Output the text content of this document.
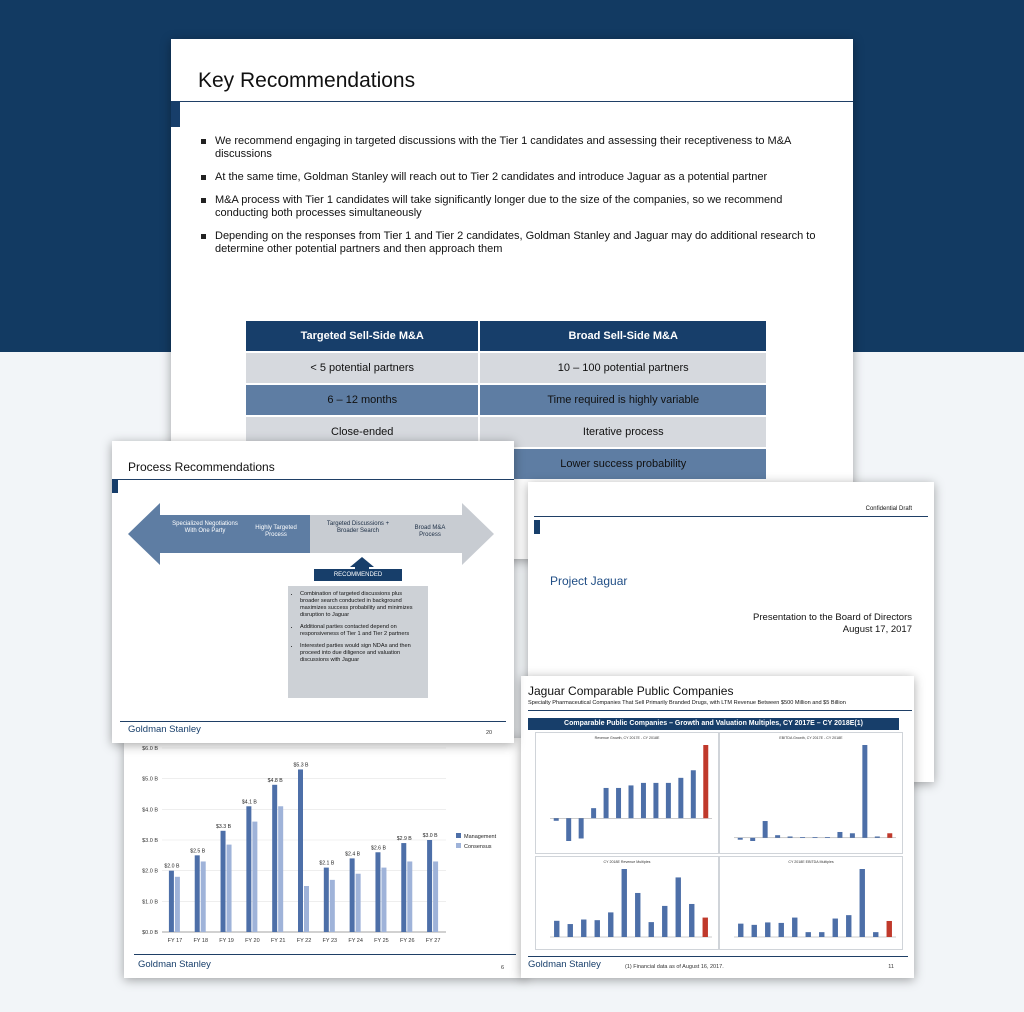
Key Recommendations
We recommend engaging in targeted discussions with the Tier 1 candidates and assessing their receptiveness to M&A discussions
At the same time, Goldman Stanley will reach out to Tier 2 candidates and introduce Jaguar as a potential partner
M&A process with Tier 1 candidates will take significantly longer due to the size of the companies, so we recommend conducting both processes simultaneously
Depending on the responses from Tier 1 and Tier 2 candidates, Goldman Stanley and Jaguar may do additional research to determine other potential partners and then approach them
Targeted Sell-Side M&A	Broad Sell-Side M&A
< 5 potential partners	10 – 100 potential partners
6 – 12 months	Time required is highly variable
Close-ended	Iterative process
	Lower success probability
Confidential Draft
Project Jaguar
Presentation to the Board of Directors
August 17, 2017
$0.0 B
$1.0 B
$2.0 B
$3.0 B
$4.0 B
$5.0 B
$6.0 B
FY 17
$2.0 B
FY 18
$2.5 B
FY 19
$3.3 B
FY 20
$4.1 B
FY 21
$4.8 B
FY 22
$5.3 B
FY 23
$2.1 B
FY 24
$2.4 B
FY 25
$2.6 B
FY 26
$2.9 B
FY 27
$3.0 B	Management
Consensus
Goldman Stanley	6
Jaguar Comparable Public Companies
Specialty Pharmaceutical Companies That Sell Primarily Branded Drugs, with LTM Revenue Between $500 Million and $5 Billion
Comparable Public Companies – Growth and Valuation Multiples, CY 2017E – CY 2018E(1)
Revenue Growth, CY 2017E - CY 2018E	EBITDA Growth, CY 2017E - CY 2018E
CY 2018E Revenue Multiples	CY 2018E EBITDA Multiples
Goldman Stanley	(1) Financial data as of August 16, 2017.	11
Process Recommendations
Specialized Negotiations With One Party	Highly Targeted Process
Targeted Discussions + Broader Search	Broad M&A Process
RECOMMENDED
• Combination of targeted discussions plus broader search conducted in background maximizes success probability and minimizes disruption to Jaguar
• Additional parties contacted depend on responsiveness of Tier 1 and Tier 2 partners
• Interested parties would sign NDAs and then proceed into due diligence and valuation discussions with Jaguar
Goldman Stanley	20
